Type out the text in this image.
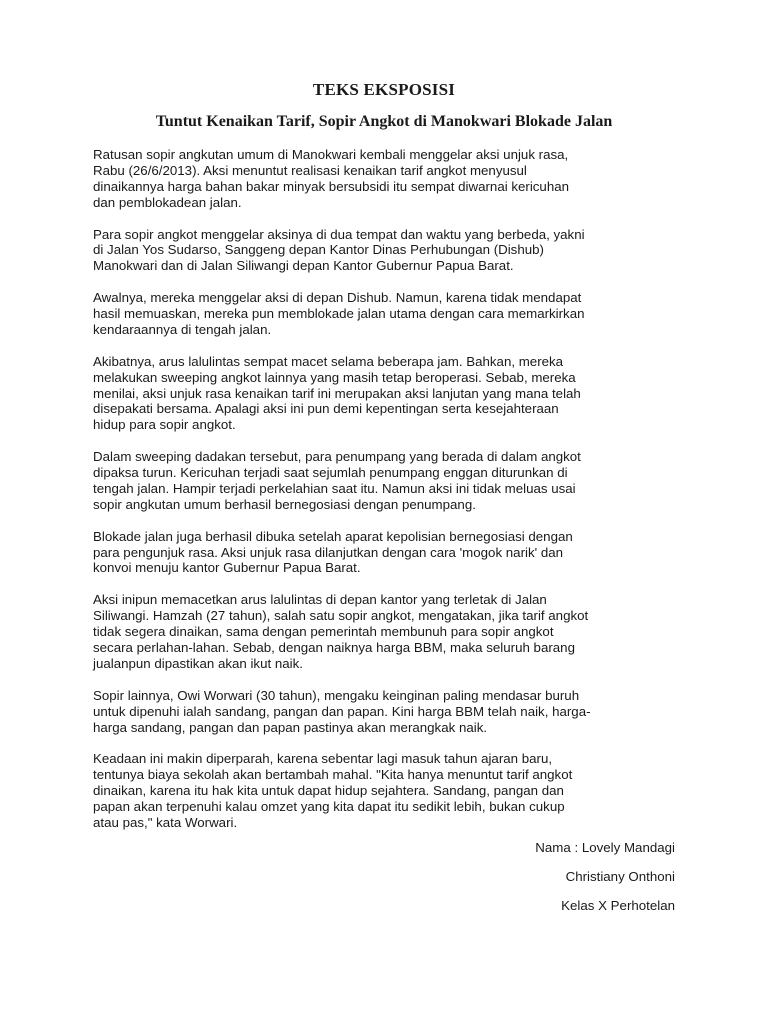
TEKS EKSPOSISI
Tuntut Kenaikan Tarif, Sopir Angkot di Manokwari Blokade Jalan

Ratusan sopir angkutan umum di Manokwari kembali menggelar aksi unjuk rasa,
Rabu (26/6/2013). Aksi menuntut realisasi kenaikan tarif angkot menyusul
dinaikannya harga bahan bakar minyak bersubsidi itu sempat diwarnai kericuhan
dan pemblokadean jalan.

Para sopir angkot menggelar aksinya di dua tempat dan waktu yang berbeda, yakni
di Jalan Yos Sudarso, Sanggeng depan Kantor Dinas Perhubungan (Dishub)
Manokwari dan di Jalan Siliwangi depan Kantor Gubernur Papua Barat.

Awalnya, mereka menggelar aksi di depan Dishub. Namun, karena tidak mendapat
hasil memuaskan, mereka pun memblokade jalan utama dengan cara memarkirkan
kendaraannya di tengah jalan.

Akibatnya, arus lalulintas sempat macet selama beberapa jam. Bahkan, mereka
melakukan sweeping angkot lainnya yang masih tetap beroperasi. Sebab, mereka
menilai, aksi unjuk rasa kenaikan tarif ini merupakan aksi lanjutan yang mana telah
disepakati bersama. Apalagi aksi ini pun demi kepentingan serta kesejahteraan
hidup para sopir angkot.

Dalam sweeping dadakan tersebut, para penumpang yang berada di dalam angkot
dipaksa turun. Kericuhan terjadi saat sejumlah penumpang enggan diturunkan di
tengah jalan. Hampir terjadi perkelahian saat itu. Namun aksi ini tidak meluas usai
sopir angkutan umum berhasil bernegosiasi dengan penumpang.

Blokade jalan juga berhasil dibuka setelah aparat kepolisian bernegosiasi dengan
para pengunjuk rasa. Aksi unjuk rasa dilanjutkan dengan cara 'mogok narik' dan
konvoi menuju kantor Gubernur Papua Barat.

Aksi inipun memacetkan arus lalulintas di depan kantor yang terletak di Jalan
Siliwangi. Hamzah (27 tahun), salah satu sopir angkot, mengatakan, jika tarif angkot
tidak segera dinaikan, sama dengan pemerintah membunuh para sopir angkot
secara perlahan-lahan. Sebab, dengan naiknya harga BBM, maka seluruh barang
jualanpun dipastikan akan ikut naik.

Sopir lainnya, Owi Worwari (30 tahun), mengaku keinginan paling mendasar buruh
untuk dipenuhi ialah sandang, pangan dan papan. Kini harga BBM telah naik, harga-
harga sandang, pangan dan papan pastinya akan merangkak naik.

Keadaan ini makin diperparah, karena sebentar lagi masuk tahun ajaran baru,
tentunya biaya sekolah akan bertambah mahal. "Kita hanya menuntut tarif angkot
dinaikan, karena itu hak kita untuk dapat hidup sejahtera. Sandang, pangan dan
papan akan terpenuhi kalau omzet yang kita dapat itu sedikit lebih, bukan cukup
atau pas," kata Worwari.

Nama : Lovely Mandagi
Christiany Onthoni
Kelas X Perhotelan
